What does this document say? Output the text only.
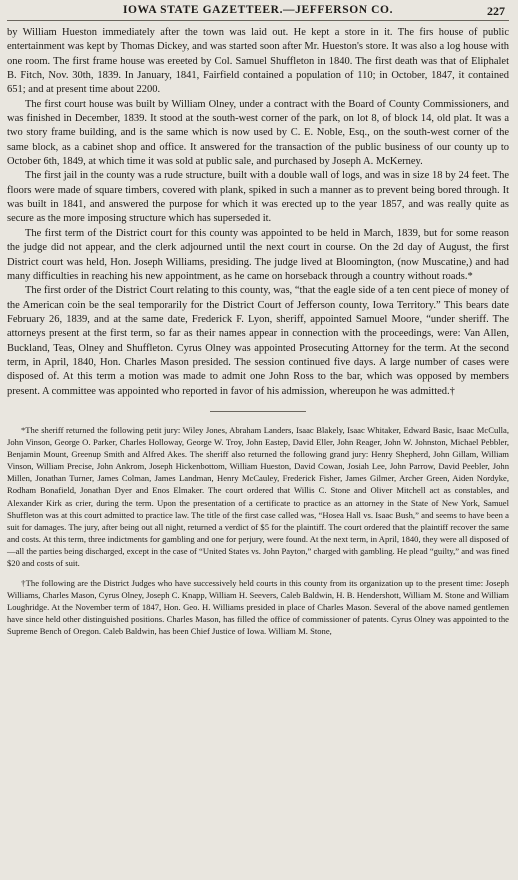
IOWA STATE GAZETTEER.—JEFFERSON CO.	227

by William Hueston immediately after the town was laid out. He kept a store in it. The firs house of public entertainment was kept by Thomas Dickey, and was started soon after Mr. Hueston's store. It was also a log house with one room. The first frame house was ereeted by Col. Samuel Shuffleton in 1840. The first death was that of Eliphalet B. Fitch, Nov. 30th, 1839. In January, 1841, Fairfield contained a population of 110; in October, 1847, it contained 651; and at present time about 2200.

The first court house was built by William Olney, under a contract with the Board of County Commissioners, and was finished in December, 1839. It stood at the south-west corner of the park, on lot 8, of block 14, old plat. It was a two story frame building, and is the same which is now used by C. E. Noble, Esq., on the south-west corner of the same block, as a cabinet shop and office. It answered for the transaction of the public business of our county up to October 6th, 1849, at which time it was sold at public sale, and purchased by Joseph A. McKerney.

The first jail in the county was a rude structure, built with a double wall of logs, and was in size 18 by 24 feet. The floors were made of square timbers, covered with plank, spiked in such a manner as to prevent being bored through. It was built in 1841, and answered the purpose for which it was erected up to the year 1857, and was really quite as secure as the more imposing structure which has superseded it.

The first term of the District court for this county was appointed to be held in March, 1839, but for some reason the judge did not appear, and the clerk adjourned until the next court in course. On the 2d day of August, the first District court was held, Hon. Joseph Williams, presiding. The judge lived at Bloomington, (now Muscatine,) and had many difficulties in reaching his new appointment, as he came on horseback through a country without roads.*

The first order of the District Court relating to this county, was, “that the eagle side of a ten cent piece of money of the American coin be the seal temporarily for the District Court of Jefferson county, Iowa Territory.” This bears date February 26, 1839, and at the same date, Frederick F. Lyon, sheriff, appointed Samuel Moore, “under sheriff. The attorneys present at the first term, so far as their names appear in connection with the proceedings, were: Van Allen, Buckland, Teas, Olney and Shuffleton. Cyrus Olney was appointed Prosecuting Attorney for the term. At the second term, in April, 1840, Hon. Charles Mason presided. The session continued five days. A large number of cases were disposed of. At this term a motion was made to admit one John Ross to the bar, which was opposed by members present. A committee was appointed who reported in favor of his admission, whereupon he was admitted.†

*The sheriff returned the following petit jury: Wiley Jones, Abraham Landers, Isaac Blakely, Isaac Whitaker, Edward Basic, Isaac McCulla, John Vinson, George O. Parker, Charles Holloway, George W. Troy, John Eastep, David Eller, John Reager, John W. Johnston, Michael Pebbler, Benjamin Mount, Greenup Smith and Alfred Akes. The sheriff also returned the following grand jury: Henry Shepherd, John Gillam, William Vinson, William Precise, John Ankrom, Joseph Hickenbottom, William Hueston, David Cowan, Josiah Lee, John Parrow, David Peebler, John Millen, Jonathan Turner, James Colman, James Landman, Henry McCauley, Frederick Fisher, James Gilmer, Archer Green, Aiden Nordyke, Rodham Bonafield, Jonathan Dyer and Enos Elmaker. The court ordered that Willis C. Stone and Oliver Mitchell act as constables, and Alexander Kirk as crier, during the term. Upon the presentation of a certificate to practice as an attorney in the State of New York, Samuel Shuffleton was at this court admitted to practice law. The title of the first case called was, “Hosea Hall vs. Isaac Bush,” and seems to have been a suit for damages. The jury, after being out all night, returned a verdict of $5 for the plaintiff. The court ordered that the plaintiff recover the same and costs. At this term, three indictments for gambling and one for perjury, were found. At the next term, in April, 1840, they were all disposed of—all the parties being discharged, except in the case of “United States vs. John Payton,” charged with gambling. He plead “guilty,” and was fined $20 and costs of suit.

†The following are the District Judges who have successively held courts in this county from its organization up to the present time: Joseph Williams, Charles Mason, Cyrus Olney, Joseph C. Knapp, William H. Seevers, Caleb Baldwin, H. B. Hendershott, William M. Stone and William Loughridge. At the November term of 1847, Hon. Geo. H. Williams presided in place of Charles Mason. Several of the above named gentlemen have since held other distinguished positions. Charles Mason, has filled the office of commissioner of patents. Cyrus Olney was appointed to the Supreme Bench of Oregon. Caleb Baldwin, has been Chief Justice of Iowa. William M. Stone,
